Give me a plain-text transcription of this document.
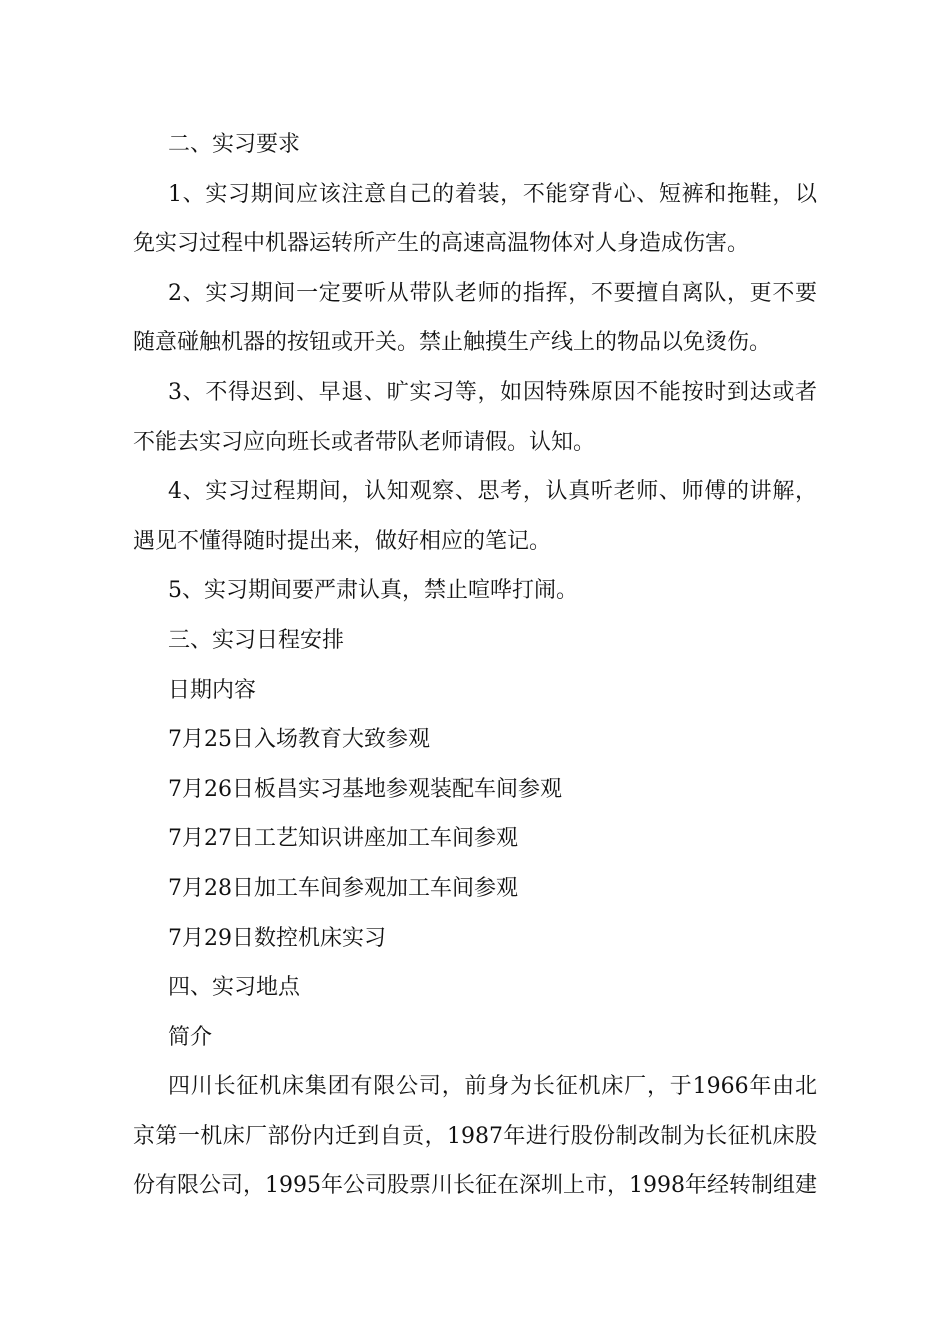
二、实习要求
1、实习期间应该注意自己的着装，不能穿背心、短裤和拖鞋，以
免实习过程中机器运转所产生的高速高温物体对人身造成伤害。
2、实习期间一定要听从带队老师的指挥，不要擅自离队，更不要
随意碰触机器的按钮或开关。禁止触摸生产线上的物品以免烫伤。
3、不得迟到、早退、旷实习等，如因特殊原因不能按时到达或者
不能去实习应向班长或者带队老师请假。认知。
4、实习过程期间，认知观察、思考，认真听老师、师傅的讲解，
遇见不懂得随时提出来，做好相应的笔记。
5、实习期间要严肃认真，禁止喧哗打闹。
三、实习日程安排
日期内容
7月25日入场教育大致参观
7月26日板昌实习基地参观装配车间参观
7月27日工艺知识讲座加工车间参观
7月28日加工车间参观加工车间参观
7月29日数控机床实习
四、实习地点
简介
四川长征机床集团有限公司，前身为长征机床厂，于1966年由北
京第一机床厂部份内迁到自贡，1987年进行股份制改制为长征机床股
份有限公司，1995年公司股票川长征在深圳上市，1998年经转制组建
